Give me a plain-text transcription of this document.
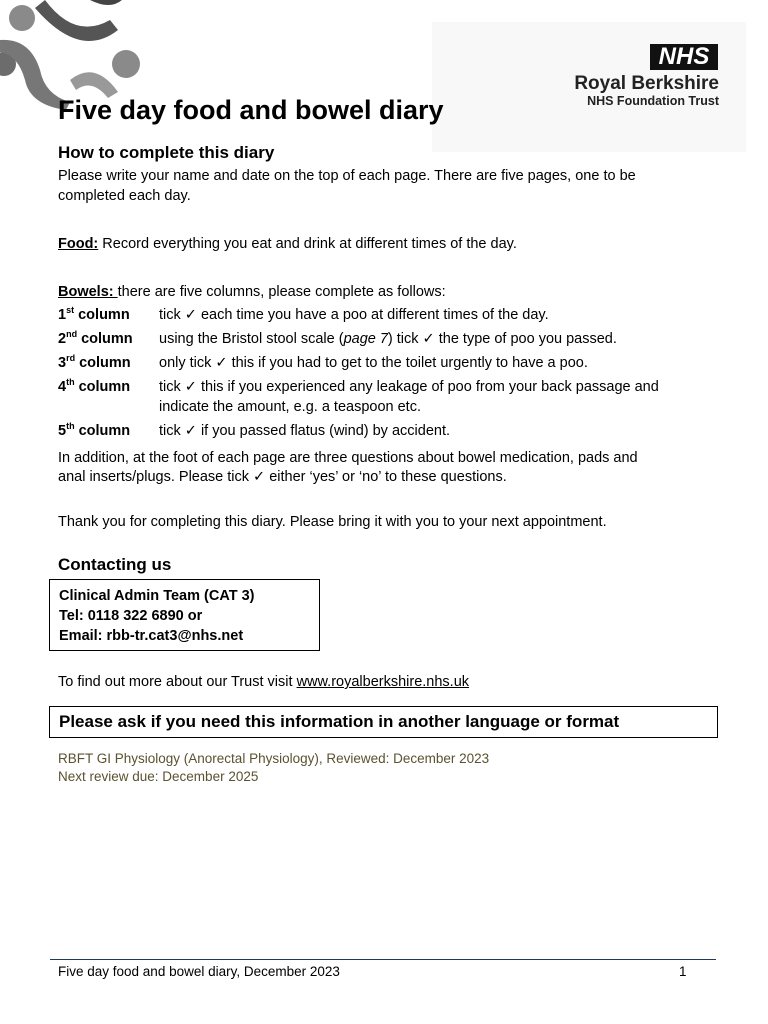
NHS
Royal Berkshire
NHS Foundation Trust
Five day food and bowel diary
How to complete this diary

Please write your name and date on the top of each page. There are five pages, one to be

completed each day.

Food: Record everything you eat and drink at different times of the day.

Bowels: there are five columns, please complete as follows:

1st column tick ✓ each time you have a poo at different times of the day.
2nd column using the Bristol stool scale (page 7) tick ✓ the type of poo you passed.
3rd column only tick ✓ this if you had to get to the toilet urgently to have a poo.
4th column tick ✓ this if you experienced any leakage of poo from your back passage and
indicate the amount, e.g. a teaspoon etc.
5th column tick ✓ if you passed flatus (wind) by accident.

In addition, at the foot of each page are three questions about bowel medication, pads and

anal inserts/plugs. Please tick ✓ either ‘yes’ or ‘no’ to these questions.

Thank you for completing this diary. Please bring it with you to your next appointment.

Contacting us
Clinical Admin Team (CAT 3)
Tel: 0118 322 6890 or
Email: rbb-tr.cat3@nhs.net

To find out more about our Trust visit www.royalberkshire.nhs.uk

Please ask if you need this information in another language or format
RBFT GI Physiology (Anorectal Physiology), Reviewed: December 2023
Next review due: December 2025
Five day food and bowel diary, December 2023	1
